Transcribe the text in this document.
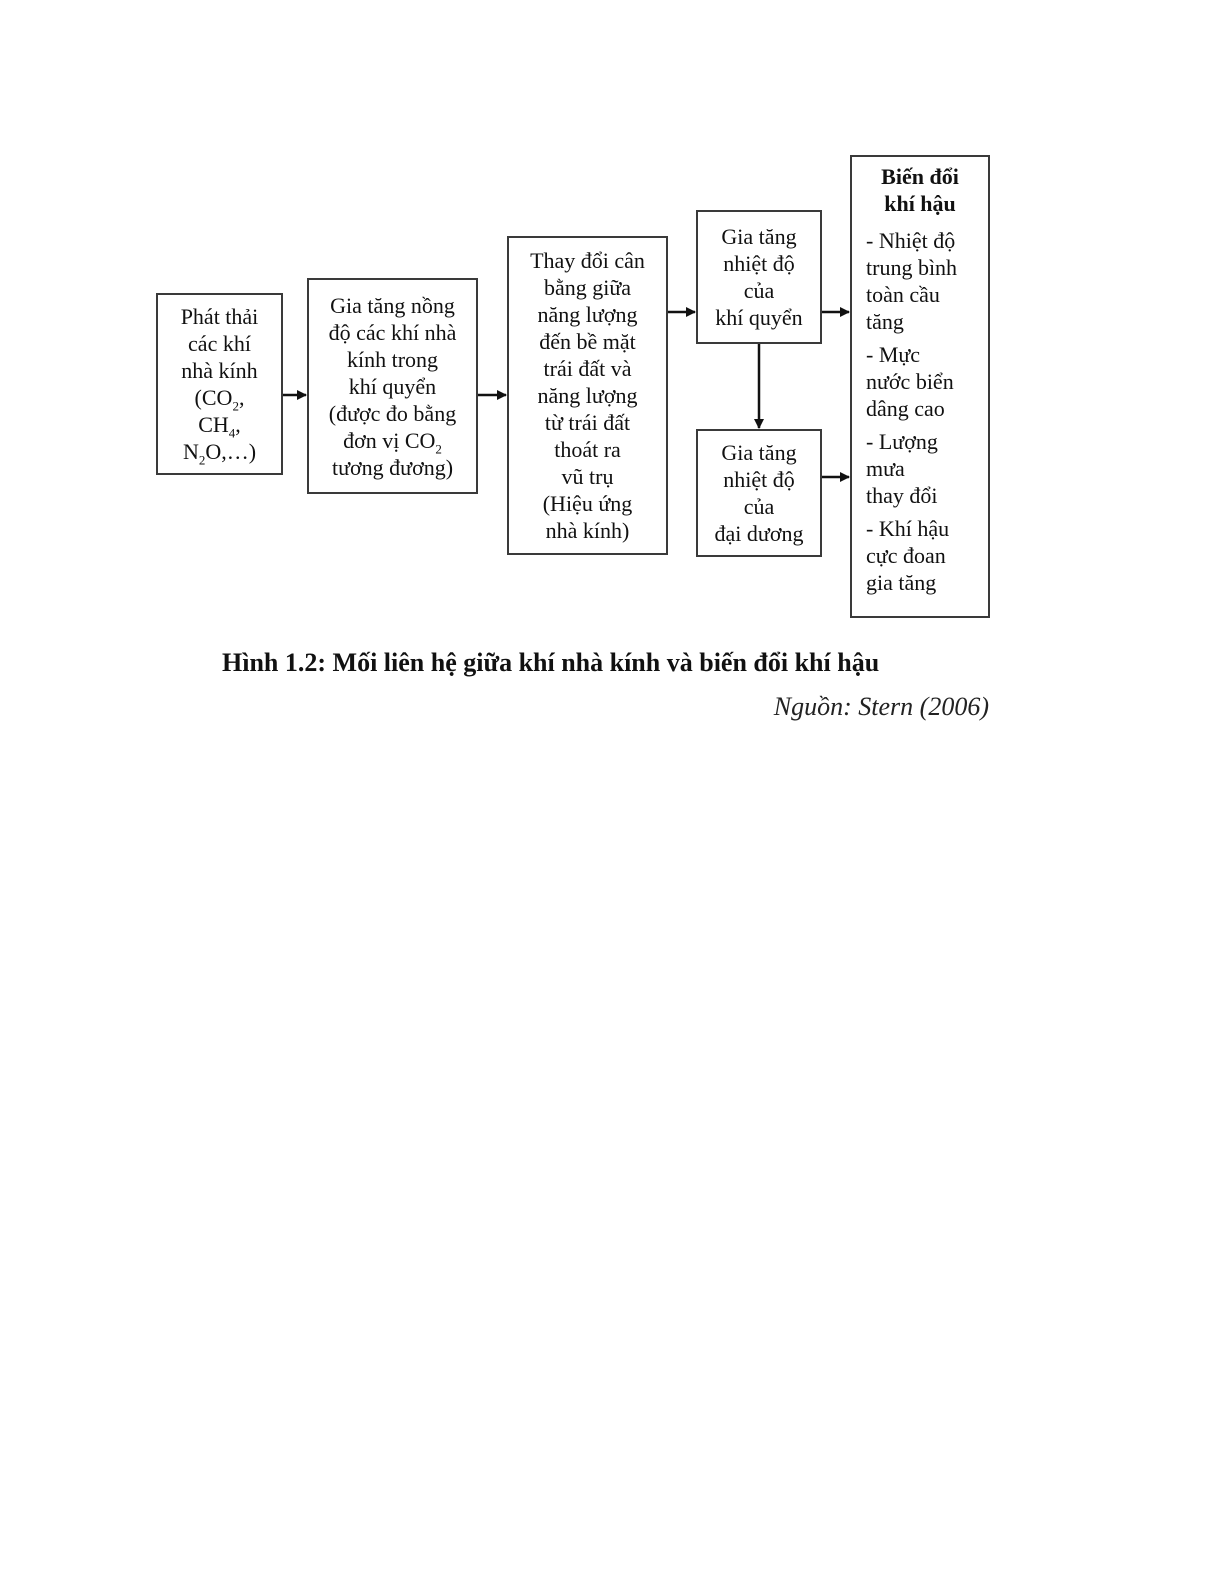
Phát thải
các khí
nhà kính
($CO_2$,
$CH_4$,
$N_2O,\dots$)
Gia tăng nồng
độ các khí nhà
kính trong
khí quyển
(được đo bằng
đơn vị $CO_2$
tương đương)
Thay đổi cân
bằng giữa
năng lượng
đến bề mặt
trái đất và
năng lượng
từ trái đất
thoát ra
vũ trụ
(Hiệu ứng
nhà kính)
Gia tăng
nhiệt độ
của
khí quyển
Gia tăng
nhiệt độ
của
đại dương
Biến đổi
khí hậu
- Nhiệt độ
trung bình
toàn cầu
tăng
- Mực
nước biển
dâng cao
- Lượng
mưa
thay đổi
- Khí hậu
cực đoan
gia tăng
Hình 1.2: Mối liên hệ giữa khí nhà kính và biến đổi khí hậu
Nguồn: Stern (2006)
